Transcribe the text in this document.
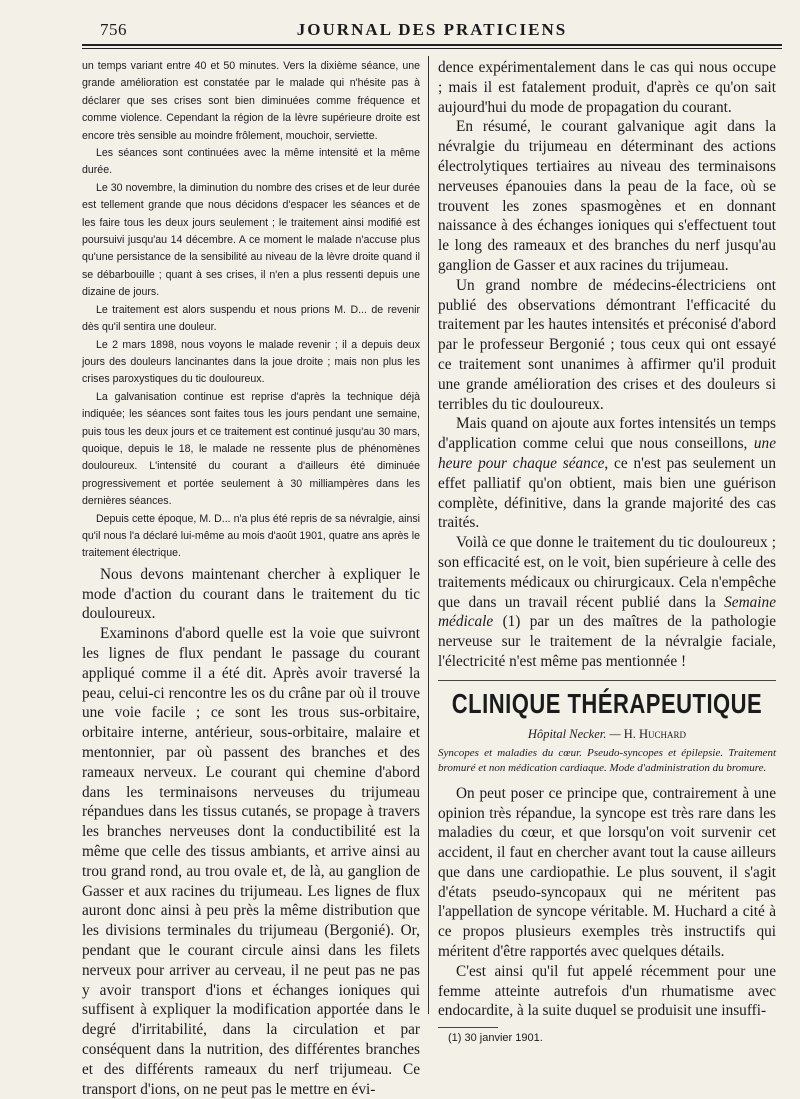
756	JOURNAL DES PRATICIENS

un temps variant entre 40 et 50 minutes. Vers la dixième séance, une grande amélioration est constatée par le malade qui n'hésite pas à déclarer que ses crises sont bien diminuées comme fréquence et comme violence. Cependant la région de la lèvre supérieure droite est encore très sensible au moindre frôlement, mouchoir, serviette.

Les séances sont continuées avec la même intensité et la même durée.

Le 30 novembre, la diminution du nombre des crises et de leur durée est tellement grande que nous décidons d'espacer les séances et de les faire tous les deux jours seulement ; le traitement ainsi modifié est poursuivi jusqu'au 14 décembre. A ce moment le malade n'accuse plus qu'une persistance de la sensibilité au niveau de la lèvre droite quand il se débarbouille ; quant à ses crises, il n'en a plus ressenti depuis une dizaine de jours.

Le traitement est alors suspendu et nous prions M. D... de revenir dès qu'il sentira une douleur.

Le 2 mars 1898, nous voyons le malade revenir ; il a depuis deux jours des douleurs lancinantes dans la joue droite ; mais non plus les crises paroxystiques du tic douloureux.

La galvanisation continue est reprise d'après la technique déjà indiquée; les séances sont faites tous les jours pendant une semaine, puis tous les deux jours et ce traitement est continué jusqu'au 30 mars, quoique, depuis le 18, le malade ne ressente plus de phénomènes douloureux. L'intensité du courant a d'ailleurs été diminuée progressivement et portée seulement à 30 milliampères dans les dernières séances.

Depuis cette époque, M. D... n'a plus été repris de sa névralgie, ainsi qu'il nous l'a déclaré lui-même au mois d'août 1901, quatre ans après le traitement électrique.

Nous devons maintenant chercher à expliquer le mode d'action du courant dans le traitement du tic douloureux.

Examinons d'abord quelle est la voie que suivront les lignes de flux pendant le passage du courant appliqué comme il a été dit. Après avoir traversé la peau, celui-ci rencontre les os du crâne par où il trouve une voie facile ; ce sont les trous sus-orbitaire, orbitaire interne, antérieur, sous-orbitaire, malaire et mentonnier, par où passent des branches et des rameaux nerveux. Le courant qui chemine d'abord dans les terminaisons nerveuses du trijumeau répandues dans les tissus cutanés, se propage à travers les branches nerveuses dont la conductibilité est la même que celle des tissus ambiants, et arrive ainsi au trou grand rond, au trou ovale et, de là, au ganglion de Gasser et aux racines du trijumeau. Les lignes de flux auront donc ainsi à peu près la même distribution que les divisions terminales du trijumeau (Bergonié). Or, pendant que le courant circule ainsi dans les filets nerveux pour arriver au cerveau, il ne peut pas ne pas y avoir transport d'ions et échanges ioniques qui suffisent à expliquer la modification apportée dans le degré d'irritabilité, dans la circulation et par conséquent dans la nutrition, des différentes branches et des différents rameaux du nerf trijumeau. Ce transport d'ions, on ne peut pas le mettre en évi-

dence expérimentalement dans le cas qui nous occupe ; mais il est fatalement produit, d'après ce qu'on sait aujourd'hui du mode de propagation du courant.

En résumé, le courant galvanique agit dans la névralgie du trijumeau en déterminant des actions électrolytiques tertiaires au niveau des terminaisons nerveuses épanouies dans la peau de la face, où se trouvent les zones spasmogènes et en donnant naissance à des échanges ioniques qui s'effectuent tout le long des rameaux et des branches du nerf jusqu'au ganglion de Gasser et aux racines du trijumeau.

Un grand nombre de médecins-électriciens ont publié des observations démontrant l'efficacité du traitement par les hautes intensités et préconisé d'abord par le professeur Bergonié ; tous ceux qui ont essayé ce traitement sont unanimes à affirmer qu'il produit une grande amélioration des crises et des douleurs si terribles du tic douloureux.

Mais quand on ajoute aux fortes intensités un temps d'application comme celui que nous conseillons, une heure pour chaque séance, ce n'est pas seulement un effet palliatif qu'on obtient, mais bien une guérison complète, définitive, dans la grande majorité des cas traités.

Voilà ce que donne le traitement du tic douloureux ; son efficacité est, on le voit, bien supérieure à celle des traitements médicaux ou chirurgicaux. Cela n'empêche que dans un travail récent publié dans la Semaine médicale (1) par un des maîtres de la pathologie nerveuse sur le traitement de la névralgie faciale, l'électricité n'est même pas mentionnée !

CLINIQUE THÉRAPEUTIQUE
Hôpital Necker. — H. Huchard
Syncopes et maladies du cœur. Pseudo-syncopes et épilepsie. Traitement bromuré et non médication cardiaque. Mode d'administration du bromure.

On peut poser ce principe que, contrairement à une opinion très répandue, la syncope est très rare dans les maladies du cœur, et que lorsqu'on voit survenir cet accident, il faut en chercher avant tout la cause ailleurs que dans une cardiopathie. Le plus souvent, il s'agit d'états pseudo-syncopaux qui ne méritent pas l'appellation de syncope véritable. M. Huchard a cité à ce propos plusieurs exemples très instructifs qui méritent d'être rapportés avec quelques détails.

C'est ainsi qu'il fut appelé récemment pour une femme atteinte autrefois d'un rhumatisme avec endocardite, à la suite duquel se produisit une insuffi-

(1) 30 janvier 1901.
